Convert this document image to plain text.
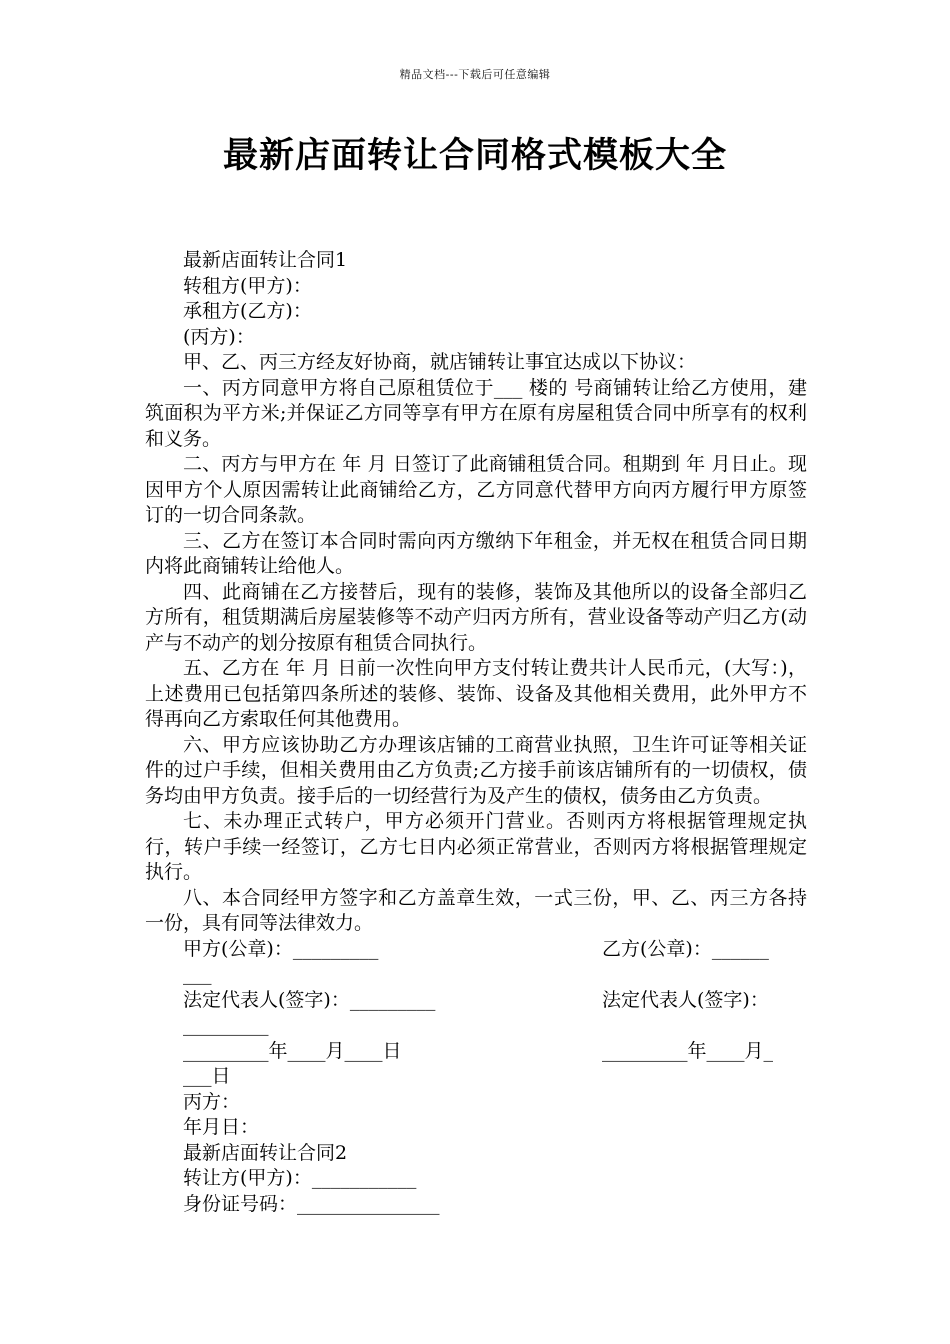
精品文档---下载后可任意编辑
最新店面转让合同格式模板大全

最新店面转让合同1

转租方(甲方)：

承租方(乙方)：

(丙方)：

甲、乙、丙三方经友好协商，就店铺转让事宜达成以下协议：

一、丙方同意甲方将自己原租赁位于___ 楼的 号商铺转让给乙方使用，建筑面积为平方米;并保证乙方同等享有甲方在原有房屋租赁合同中所享有的权利和义务。

二、丙方与甲方在 年 月 日签订了此商铺租赁合同。租期到 年 月日止。现因甲方个人原因需转让此商铺给乙方，乙方同意代替甲方向丙方履行甲方原签订的一切合同条款。

三、乙方在签订本合同时需向丙方缴纳下年租金，并无权在租赁合同日期内将此商铺转让给他人。

四、此商铺在乙方接替后，现有的装修，装饰及其他所以的设备全部归乙方所有，租赁期满后房屋装修等不动产归丙方所有，营业设备等动产归乙方(动产与不动产的划分按原有租赁合同执行。

五、乙方在 年 月 日前一次性向甲方支付转让费共计人民币元，(大写：)，上述费用已包括第四条所述的装修、装饰、设备及其他相关费用，此外甲方不得再向乙方索取任何其他费用。

六、甲方应该协助乙方办理该店铺的工商营业执照，卫生许可证等相关证件的过户手续，但相关费用由乙方负责;乙方接手前该店铺所有的一切债权，债务均由甲方负责。接手后的一切经营行为及产生的债权，债务由乙方负责。

七、未办理正式转户，甲方必须开门营业。否则丙方将根据管理规定执行，转户手续一经签订，乙方七日内必须正常营业，否则丙方将根据管理规定执行。

八、本合同经甲方签字和乙方盖章生效，一式三份，甲、乙、丙三方各持一份，具有同等法律效力。

甲方(公章)：_________	乙方(公章)：______

___

法定代表人(签字)：_________	法定代表人(签字)：

_________

_________年____月____日	_________年____月_

___日

丙方：

年月日：

最新店面转让合同2

转让方(甲方)：___________

身份证号码：_______________
